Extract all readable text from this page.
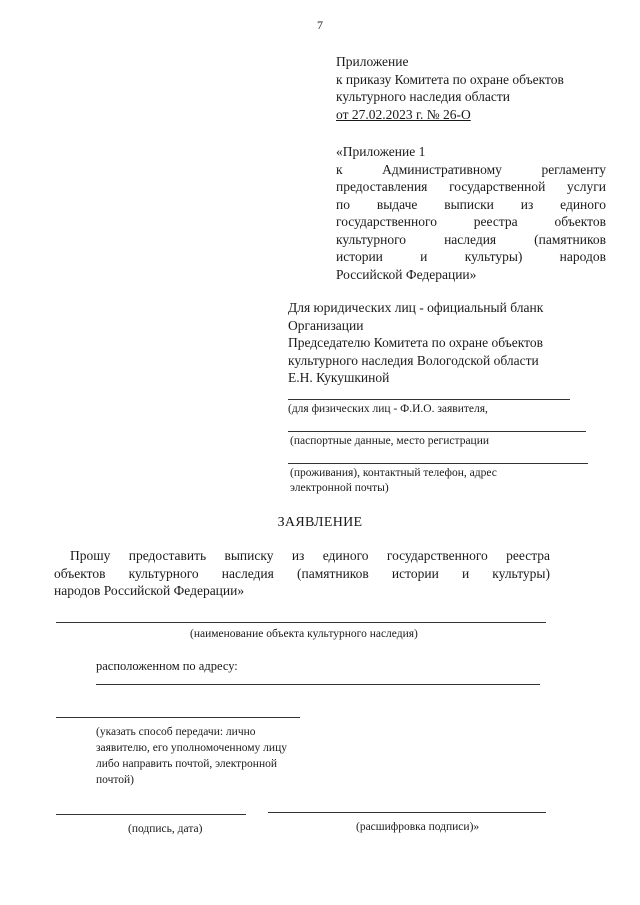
7
Приложение
к приказу Комитета по охране объектов
культурного наследия области
от 27.02.2023 г. № 26-О
«Приложение 1
к Административному регламенту
предоставления государственной услуги
по выдаче выписки из единого
государственного реестра объектов
культурного наследия (памятников
истории и культуры) народов
Российской Федерации»
Для юридических лиц - официальный бланк
Организации
Председателю Комитета по охране объектов
культурного наследия Вологодской области
Е.Н. Кукушкиной
(для физических лиц - Ф.И.О. заявителя,
(паспортные данные, место регистрации
(проживания), контактный телефон, адрес
электронной почты)
ЗАЯВЛЕНИЕ
Прошу предоставить выписку из единого государственного реестра
объектов культурного наследия (памятников истории и культуры)
народов Российской Федерации»
(наименование объекта культурного наследия)
расположенном по адресу:
(указать способ передачи: лично
заявителю, его уполномоченному лицу
либо направить почтой, электронной
почтой)
(подпись, дата)	(расшифровка подписи)»
